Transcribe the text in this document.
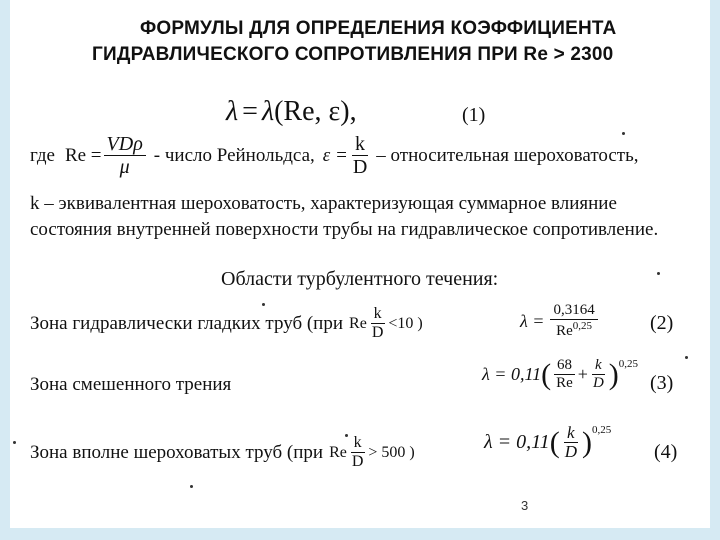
ФОРМУЛЫ ДЛЯ ОПРЕДЕЛЕНИЯ КОЭФФИЦИЕНТА
ГИДРАВЛИЧЕСКОГО СОПРОТИВЛЕНИЯ ПРИ Re > 2300
λ = λ (Re, ε),	(1)
где $Re = \frac{\text{VDρ}}{\mu}$ - число Рейнольдса, $\varepsilon = \frac{k}{D}$ – относительная шероховатость,
k – эквивалентная шероховатость, характеризующая суммарное влияние
состояния внутренней поверхности трубы на гидравлическое сопротивление.
Области турбулентного течения:
Зона гидравлически гладких труб (при Re $\frac{k}{D} <10$ )	$\lambda = \frac{0,3164}{Re^{0,25}}$	(2)
Зона смешенного трения	λ = 0,11 ( $\frac{68}{Re} + \frac{k}{D}$ ) 0,25
(3)
Зона вполне шероховатых труб (при Re $\frac{k}{D} > 500$ )	λ = 0,11 ( $\frac{k}{D}$ ) 0,25
(4)
3
